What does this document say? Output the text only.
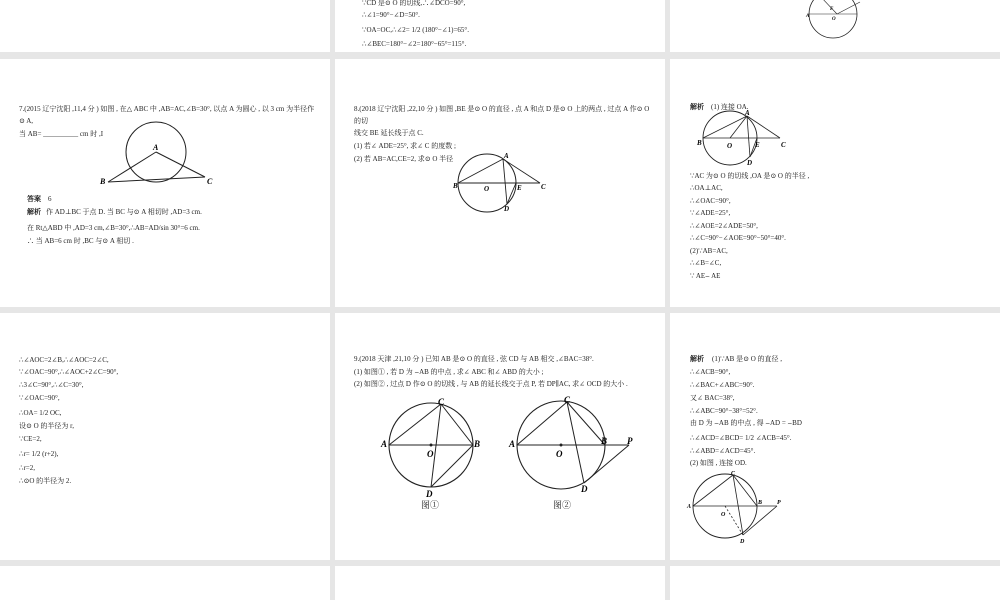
∵CD 是⊙ O 的切线,∴∠DCO=90°,
∴∠1=90°−∠D=50°.
∵OA=OC,∴∠2= 1/2 (180°−∠1)=65°.
∴∠BEC=180°−∠2=180°−65°=115°.
A
F
O
7.(2015 辽宁沈阳 ,11,4 分 ) 如图 , 在△ ABC 中 ,AB=AC,∠B=30°, 以点 A 为圆心 , 以 3 cm 为半径作
⊙ A,
当 AB= __________ cm 时 ,I
A
B	C
答案 6
解析 作 AD⊥BC 于点 D. 当 BC 与⊙ A 相切时 ,AD=3 cm.
在 Rt△ABD 中 ,AD=3 cm,∠B=30°,∴AB=AD/sin 30°=6 cm.
∴ 当 AB=6 cm 时 ,BC 与⊙ A 相切 .
8.(2018 辽宁沈阳 ,22,10 分 ) 如图 ,BE 是⊙ O 的直径 , 点 A 和点 D 是⊙ O 上的两点 , 过点 A 作⊙ O
的切
线交 BE 延长线于点 C.
(1) 若∠ ADE=25°, 求∠ C 的度数 ;
(2) 若 AB=AC,CE=2, 求⊙ O 半径	A
B	C
E
O
D
解析 (1) 连接 OA.
A
B	C
E
O
D
∵AC 为⊙ O 的切线 ,OA 是⊙ O 的半径 ,
∴OA⊥AC,
∴∠OAC=90°,
∵∠ADE=25°,
∴∠AOE=2∠ADE=50°,
∴∠C=90°−∠AOE=90°−50°=40°.
(2)∵AB=AC,
∴∠B=∠C,
∵ AE⌢ AE
∴∠AOC=2∠B,∴∠AOC=2∠C,
∵∠OAC=90°,∴∠AOC+2∠C=90°,
∴3∠C=90°,∴∠C=30°,
∵∠OAC=90°,
∴OA= 1/2 OC,
设⊙ O 的半径为 r,
∵CE=2,
∴r= 1/2 (r+2),
∴r=2,
∴⊙O 的半径为 2.
9.(2018 天津 ,21,10 分 ) 已知 AB 是⊙ O 的直径 , 弦 CD 与 AB 相交 ,∠BAC=38°.
(1) 如图① , 若 D 为 ⌢AB 的中点 , 求∠ ABC 和∠ ABD 的大小 ;
(2) 如图② , 过点 D 作⊙ O 的切线 , 与 AB 的延长线交于点 P, 若 DP∥AC, 求∠ OCD 的大小 .
C
A	B
O
D
C
A	B P
O
D
图①	图②
解析 (1)∵AB 是⊙ O 的直径 ,
∴∠ACB=90°,
∴∠BAC+∠ABC=90°.
又∠ BAC=38°,
∴∠ABC=90°−38°=52°.
由 D 为 ⌢AB 的中点 , 得 ⌢AD = ⌢BD
∴∠ACD=∠BCD= 1/2 ∠ACB=45°.
∴∠ABD=∠ACD=45°.
(2) 如图 , 连接 OD.
C
A
B P
O
D
